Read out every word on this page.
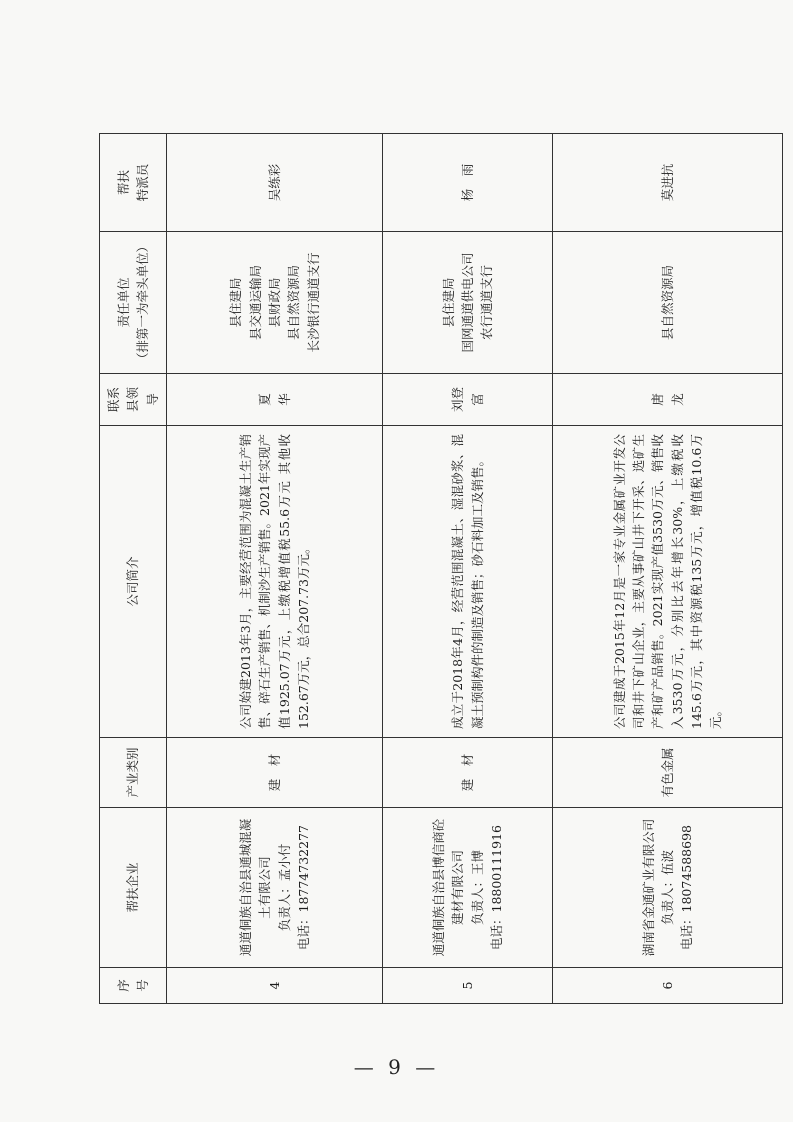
序号	帮扶企业	产业类别	公司简介	联系县领导	责任单位 （排第一为牵头单位）	帮扶 特派员

4	通道侗族自治县通城混凝土有限公司 负责人：孟小付 电话：18774732277	建　材	公司始建2013年3月，主要经营范围为混凝土生产销售、碎石生产销售、机制沙生产销售。2021年实现产值1925.07万元，上缴税增值税55.6万元 其他收152.67万元，总合207.73万元。	夏　华	县住建局 县交通运输局 县财政局 县自然资源局 长沙银行通道支行	吴练彩
5	通道侗族自治县博信商砼建材有限公司 负责人：王博 电话：18800111916	建　材	成立于2018年4月，经营范围混凝土、湿混砂浆、混凝土预制构件的制造及销售；砂石料加工及销售。	刘登富	县住建局 国网通道供电公司 农行通道支行	杨　雨
6	湖南省金通矿业有限公司 负责人：伍波 电话：18074588698	有色金属	公司建成于2015年12月是一家专业金属矿业开发公司和井下矿山企业，主要从事矿山井下开采、选矿生产和矿产品销售。2021实现产值3530万元、销售收入3530万元，分别比去年增长30%，上缴税收145.6万元，其中资源税135万元，增值税10.6万元。	唐　龙	县自然资源局	莫进抗
— 9 —
